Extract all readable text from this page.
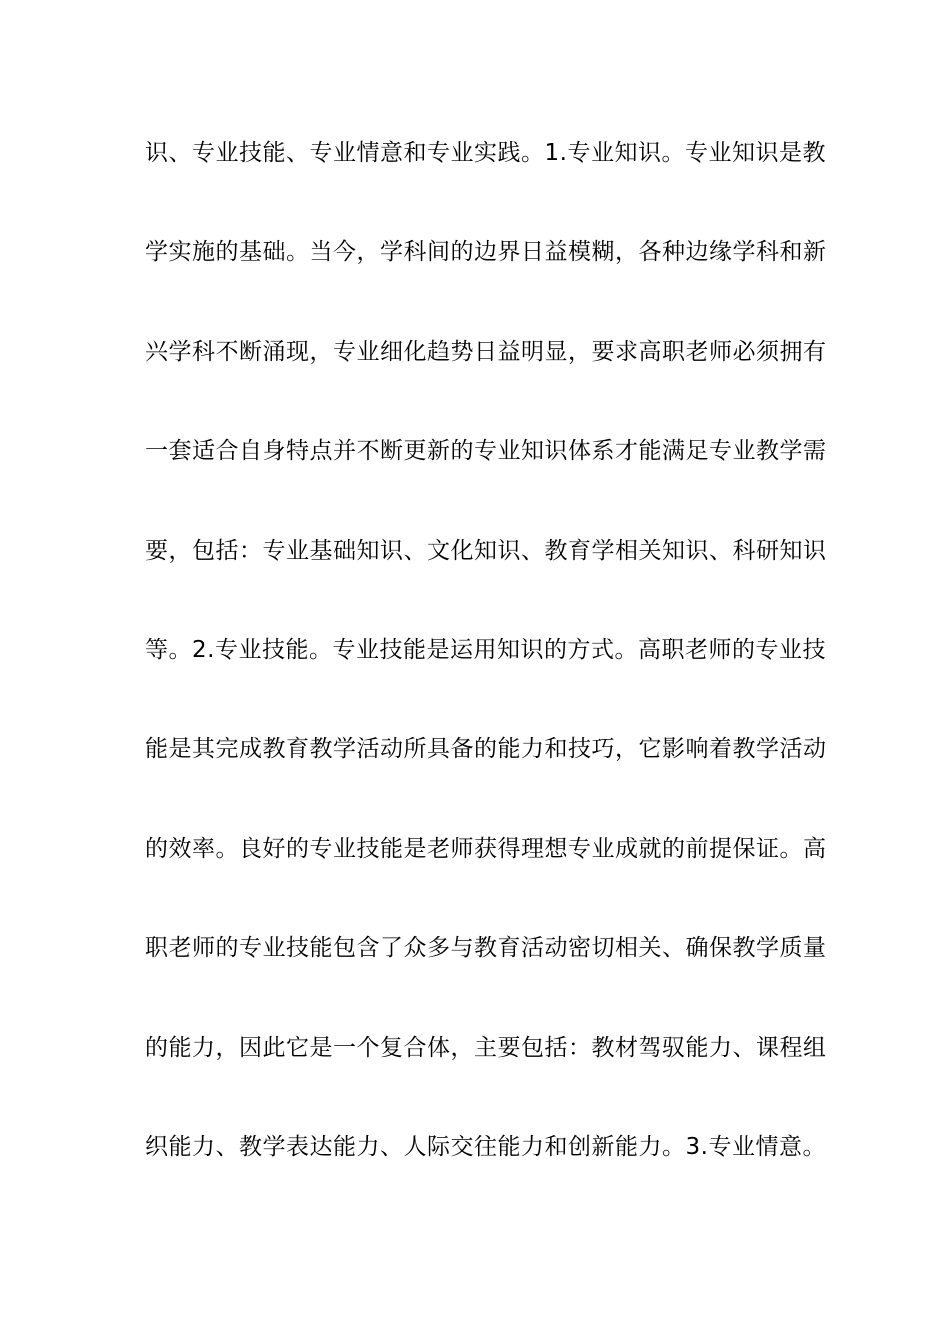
识、专业技能、专业情意和专业实践。1.专业知识。专业知识是教
学实施的基础。当今，学科间的边界日益模糊，各种边缘学科和新
兴学科不断涌现，专业细化趋势日益明显，要求高职老师必须拥有
一套适合自身特点并不断更新的专业知识体系才能满足专业教学需
要，包括：专业基础知识、文化知识、教育学相关知识、科研知识
等。2.专业技能。专业技能是运用知识的方式。高职老师的专业技
能是其完成教育教学活动所具备的能力和技巧，它影响着教学活动
的效率。良好的专业技能是老师获得理想专业成就的前提保证。高
职老师的专业技能包含了众多与教育活动密切相关、确保教学质量
的能力，因此它是一个复合体，主要包括：教材驾驭能力、课程组
织能力、教学表达能力、人际交往能力和创新能力。3.专业情意。
